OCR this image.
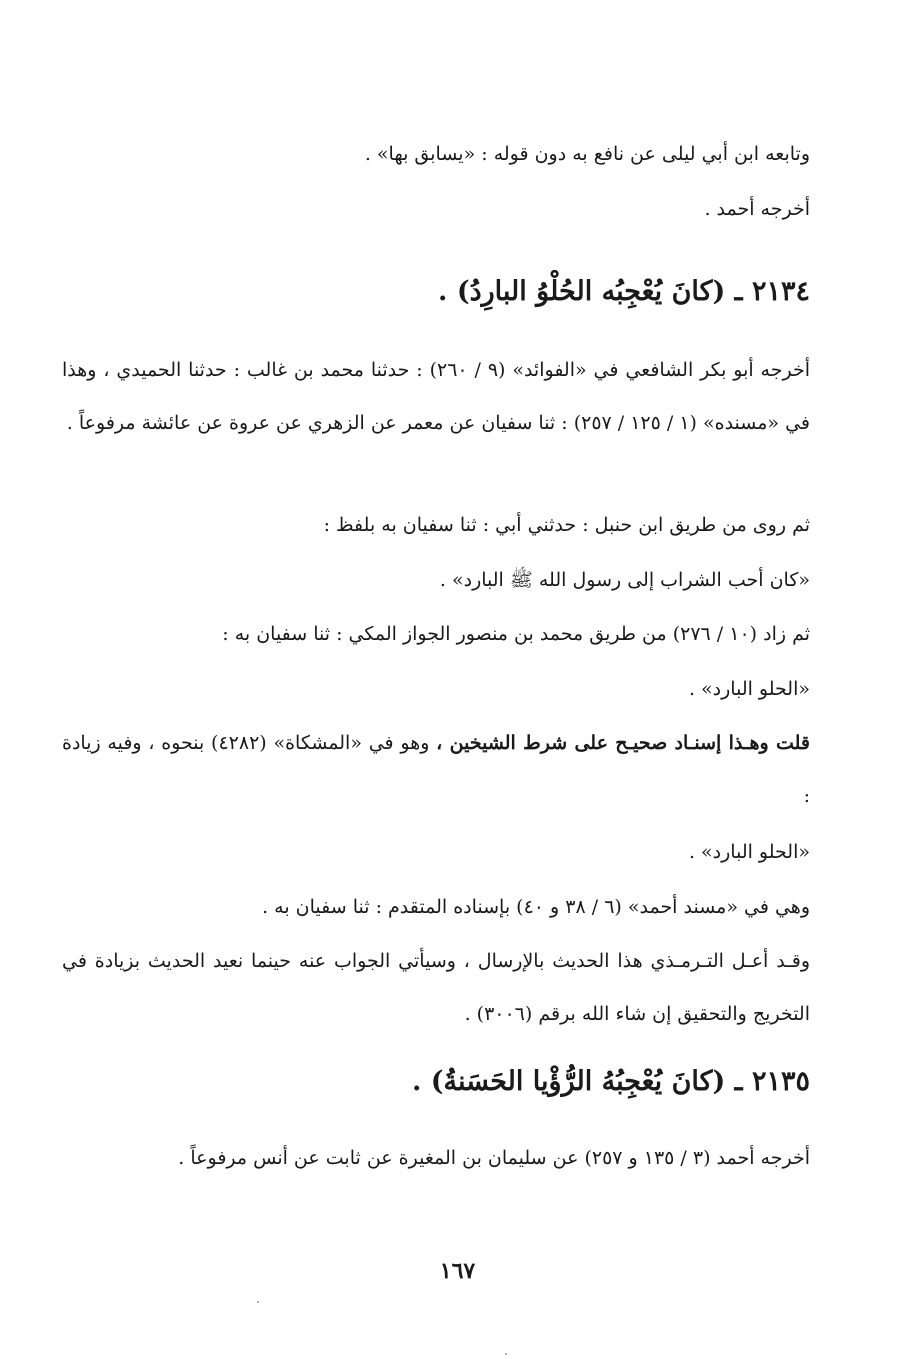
وتابعه ابن أبي ليلى عن نافع به دون قوله : «يسابق بها» .

أخرجه أحمد .

٢١٣٤ ـ (كانَ يُعْجِبُه الحُلْوُ البارِدُ) .

أخرجه أبو بكر الشافعي في «الفوائد» (٩ / ٢٦٠) : حدثنا محمد بن غالب : حدثنا الحميدي ، وهذا في «مسنده» (١ / ١٢٥ / ٢٥٧) : ثنا سفيان عن معمر عن الزهري عن عروة عن عائشة مرفوعاً .

ثم روى من طريق ابن حنبل : حدثني أبي : ثنا سفيان به بلفظ :

«كان أحب الشراب إلى رسول الله ﷺ البارد» .

ثم زاد (١٠ / ٢٧٦) من طريق محمد بن منصور الجواز المكي : ثنا سفيان به :

«الحلو البارد» .

قلت وهـذا إسنـاد صحيـح على شرط الشيخين ، وهو في «المشكاة» (٤٢٨٢) بنحوه ، وفيه زيادة :

«الحلو البارد» .

وهي في «مسند أحمد» (٦ / ٣٨ و ٤٠) بإسناده المتقدم : ثنا سفيان به .

وقـد أعـل التـرمـذي هذا الحديث بالإرسال ، وسيأتي الجواب عنه حينما نعيد الحديث بزيادة في التخريج والتحقيق إن شاء الله برقم (٣٠٠٦) .

٢١٣٥ ـ (كانَ يُعْجِبُهُ الرُّؤْيا الحَسَنةُ) .

أخرجه أحمد (٣ / ١٣٥ و ٢٥٧) عن سليمان بن المغيرة عن ثابت عن أنس مرفوعاً .

١٦٧
